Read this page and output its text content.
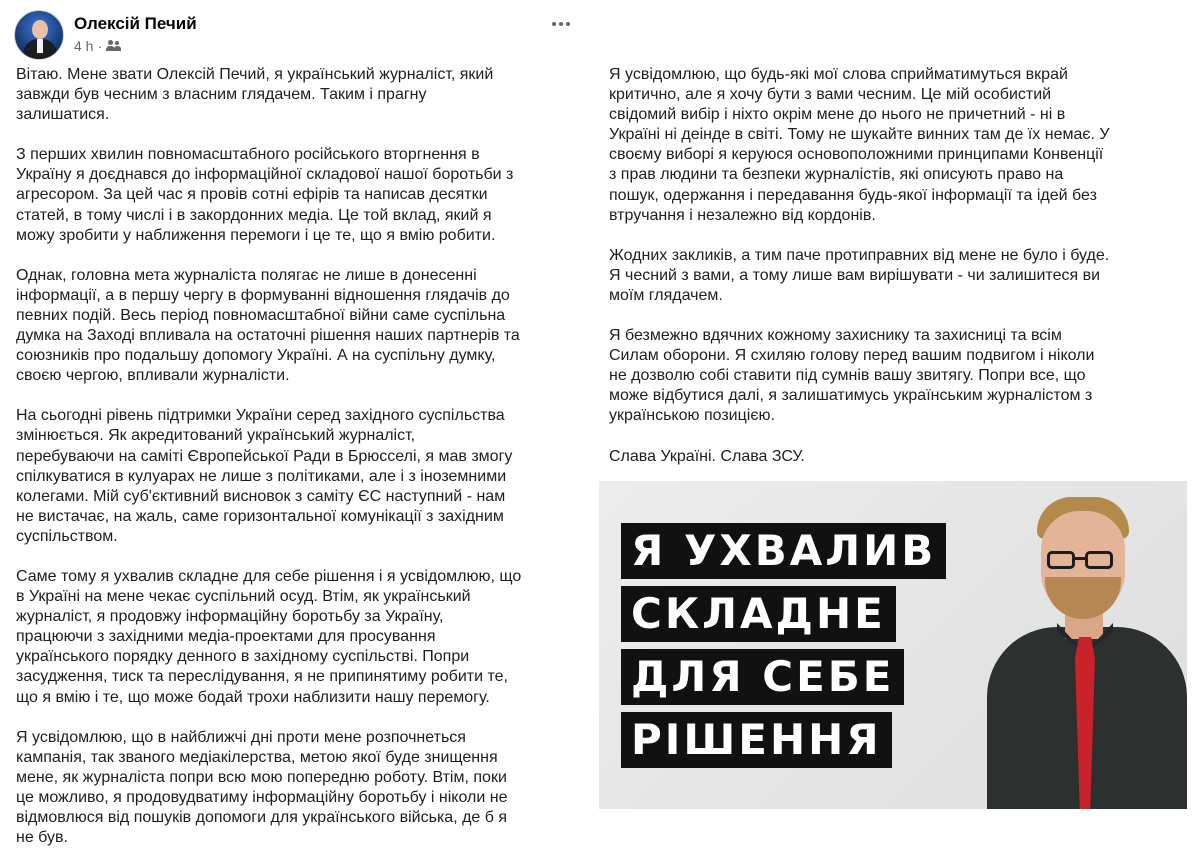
Олексій Печий
4 h ·

Вітаю. Мене звати Олексій Печий, я український журналіст, який
завжди був чесним з власним глядачем. Таким і прагну
залишатися.

З перших хвилин повномасштабного російського вторгнення в
Україну я доєднався до інформаційної складової нашої боротьби з
агресором. За цей час я провів сотні ефірів та написав десятки
статей, в тому числі і в закордонних медіа. Це той вклад, який я
можу зробити у наближення перемоги і це те, що я вмію робити.

Однак, головна мета журналіста полягає не лише в донесенні
інформації, а в першу чергу в формуванні відношення глядачів до
певних подій. Весь період повномасштабної війни саме суспільна
думка на Заході впливала на остаточні рішення наших партнерів та
союзників про подальшу допомогу Україні. А на суспільну думку,
своєю чергою, впливали журналісти.

На сьогодні рівень підтримки України серед західного суспільства
змінюється. Як акредитований український журналіст,
перебуваючи на саміті Європейської Ради в Брюсселі, я мав змогу
спілкуватися в кулуарах не лише з політиками, але і з іноземними
колегами. Мій суб'єктивний висновок з саміту ЄС наступний - нам
не вистачає, на жаль, саме горизонтальної комунікації з західним
суспільством.

Саме тому я ухвалив складне для себе рішення і я усвідомлюю, що
в Україні на мене чекає суспільний осуд. Втім, як український
журналіст, я продовжу інформаційну боротьбу за Україну,
працюючи з західними медіа-проектами для просування
українського порядку денного в західному суспільстві. Попри
засудження, тиск та переслідування, я не припинятиму робити те,
що я вмію і те, що може бодай трохи наблизити нашу перемогу.

Я усвідомлюю, що в найближчі дні проти мене розпочнеться
кампанія, так званого медіакілерства, метою якої буде знищення
мене, як журналіста попри всю мою попередню роботу. Втім, поки
це можливо, я продовудватиму інформаційну боротьбу і ніколи не
відмовлюся від пошуків допомоги для українського війська, де б я
не був.

Я усвідомлюю, що будь-які мої слова сприйматимуться вкрай
критично, але я хочу бути з вами чесним. Це мій особистий
свідомий вибір і ніхто окрім мене до нього не причетний - ні в
Україні ні деінде в світі. Тому не шукайте винних там де їх немає. У
своєму виборі я керуюся основоположними принципами Конвенції
з прав людини та безпеки журналістів, які описують право на
пошук, одержання і передавання будь-якої інформації та ідей без
втручання і незалежно від кордонів.

Жодних закликів, а тим паче протиправних від мене не було і буде.
Я чесний з вами, а тому лише вам вирішувати - чи залишитеся ви
моїм глядачем.

Я безмежно вдячних кожному захиснику та захисниці та всім
Силам оборони. Я схиляю голову перед вашим подвигом і ніколи
не дозволю собі ставити під сумнів вашу звитягу. Попри все, що
може відбутися далі, я залишатимусь українським журналістом з
українською позицією.

Слава Україні. Слава ЗСУ.

Я УХВАЛИВ
СКЛАДНЕ
ДЛЯ СЕБЕ
РІШЕННЯ
